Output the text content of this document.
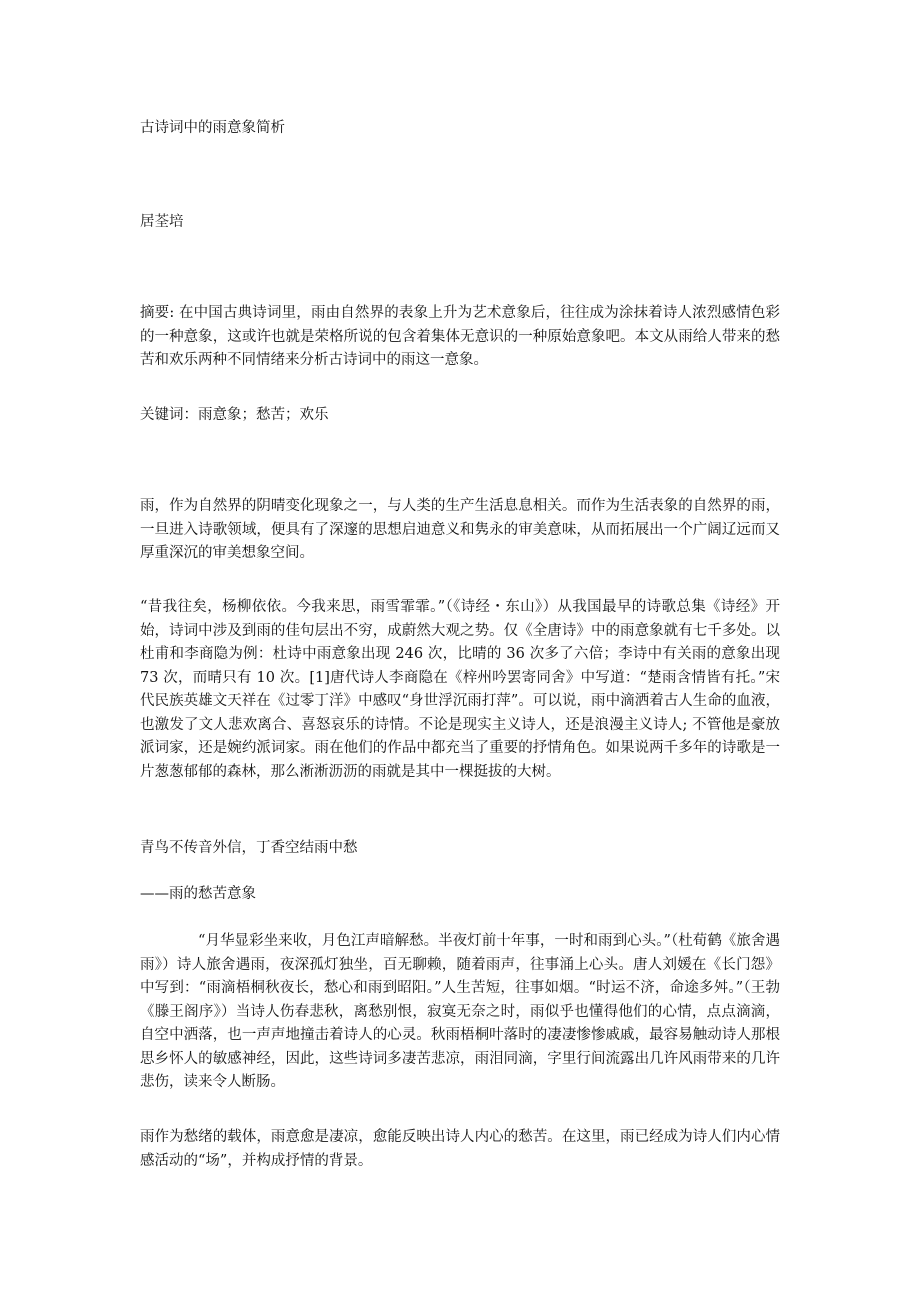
古诗词中的雨意象简析

居荃培

摘要: 在中国古典诗词里，雨由自然界的表象上升为艺术意象后，往往成为涂抹着诗人浓烈感情色彩的一种意象，这或许也就是荣格所说的包含着集体无意识的一种原始意象吧。本文从雨给人带来的愁苦和欢乐两种不同情绪来分析古诗词中的雨这一意象。

关键词：雨意象；愁苦；欢乐

雨，作为自然界的阴晴变化现象之一，与人类的生产生活息息相关。而作为生活表象的自然界的雨，一旦进入诗歌领域，便具有了深邃的思想启迪意义和隽永的审美意味，从而拓展出一个广阔辽远而又厚重深沉的审美想象空间。

“昔我往矣，杨柳依依。今我来思，雨雪霏霏。”（《诗经・东山》）从我国最早的诗歌总集《诗经》开始，诗词中涉及到雨的佳句层出不穷，成蔚然大观之势。仅《全唐诗》中的雨意象就有七千多处。以杜甫和李商隐为例：杜诗中雨意象出现 246 次，比晴的 36 次多了六倍；李诗中有关雨的意象出现 73 次，而晴只有 10 次。[1]唐代诗人李商隐在《梓州吟罢寄同舍》中写道：“楚雨含情皆有托。”宋代民族英雄文天祥在《过零丁洋》中感叹“身世浮沉雨打萍”。可以说，雨中滴洒着古人生命的血液，也激发了文人悲欢离合、喜怒哀乐的诗情。不论是现实主义诗人，还是浪漫主义诗人; 不管他是豪放派词家，还是婉约派词家。雨在他们的作品中都充当了重要的抒情角色。如果说两千多年的诗歌是一片葱葱郁郁的森林，那么淅淅沥沥的雨就是其中一棵挺拔的大树。

青鸟不传音外信，丁香空结雨中愁

——雨的愁苦意象

“月华显彩坐来收，月色江声暗解愁。半夜灯前十年事，一时和雨到心头。”（杜荀鹤《旅舍遇雨》）诗人旅舍遇雨，夜深孤灯独坐，百无聊赖，随着雨声，往事涌上心头。唐人刘媛在《长门怨》中写到：“雨滴梧桐秋夜长，愁心和雨到昭阳。”人生苦短，往事如烟。“时运不济，命途多舛。”（王勃《滕王阁序》）当诗人伤春悲秋，离愁别恨，寂寞无奈之时，雨似乎也懂得他们的心情，点点滴滴，自空中洒落，也一声声地撞击着诗人的心灵。秋雨梧桐叶落时的凄凄惨惨戚戚，最容易触动诗人那根思乡怀人的敏感神经，因此，这些诗词多凄苦悲凉，雨泪同滴，字里行间流露出几许风雨带来的几许悲伤，读来令人断肠。

雨作为愁绪的载体，雨意愈是凄凉，愈能反映出诗人内心的愁苦。在这里，雨已经成为诗人们内心情感活动的“场”，并构成抒情的背景。
